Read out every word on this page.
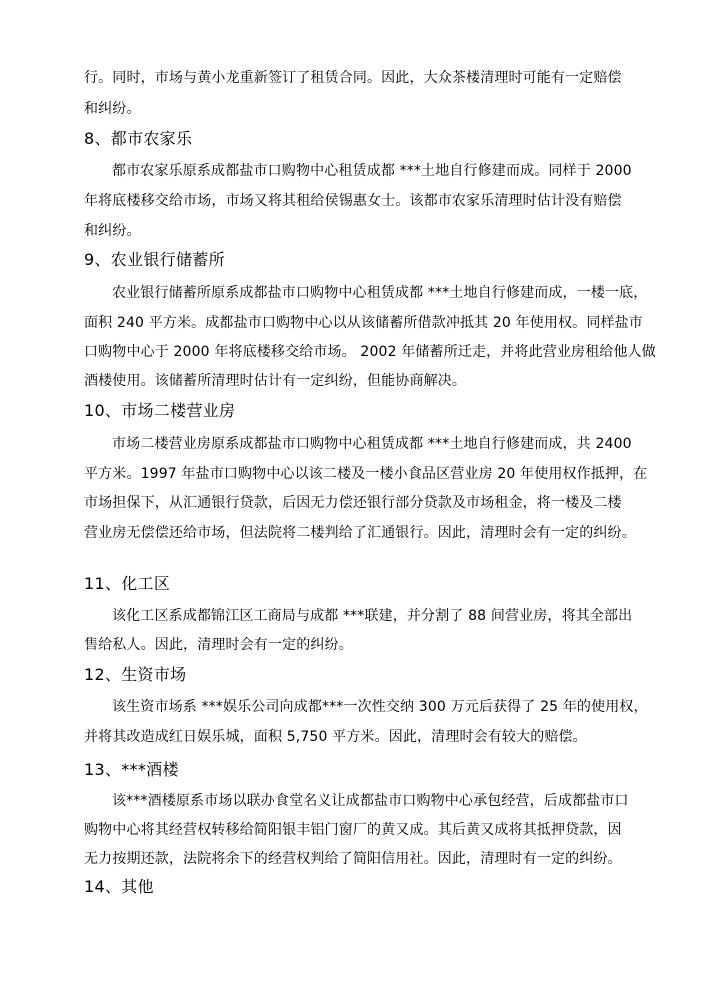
行。同时，市场与黄小龙重新签订了租赁合同。因此，大众茶楼清理时可能有一定赔偿
和纠纷。
8、都市农家乐
都市农家乐原系成都盐市口购物中心租赁成都 ***土地自行修建而成。同样于 2000
年将底楼移交给市场，市场又将其租给侯锡惠女士。该都市农家乐清理时估计没有赔偿
和纠纷。
9、农业银行储蓄所
农业银行储蓄所原系成都盐市口购物中心租赁成都 ***土地自行修建而成，一楼一底，
面积 240 平方米。成都盐市口购物中心以从该储蓄所借款冲抵其 20 年使用权。同样盐市
口购物中心于 2000 年将底楼移交给市场。 2002 年储蓄所迁走，并将此营业房租给他人做
酒楼使用。该储蓄所清理时估计有一定纠纷，但能协商解决。
10、市场二楼营业房
市场二楼营业房原系成都盐市口购物中心租赁成都 ***土地自行修建而成，共 2400
平方米。1997 年盐市口购物中心以该二楼及一楼小食品区营业房 20 年使用权作抵押，在
市场担保下，从汇通银行贷款，后因无力偿还银行部分贷款及市场租金，将一楼及二楼
营业房无偿偿还给市场，但法院将二楼判给了汇通银行。因此，清理时会有一定的纠纷。
11、化工区
该化工区系成都锦江区工商局与成都 ***联建，并分割了 88 间营业房，将其全部出
售给私人。因此，清理时会有一定的纠纷。
12、生资市场
该生资市场系 ***娱乐公司向成都***一次性交纳 300 万元后获得了 25 年的使用权，
并将其改造成红日娱乐城，面积 5,750 平方米。因此，清理时会有较大的赔偿。
13、***酒楼
该***酒楼原系市场以联办食堂名义让成都盐市口购物中心承包经营，后成都盐市口
购物中心将其经营权转移给简阳银丰铝门窗厂的黄又成。其后黄又成将其抵押贷款，因
无力按期还款，法院将余下的经营权判给了简阳信用社。因此，清理时有一定的纠纷。
14、其他
